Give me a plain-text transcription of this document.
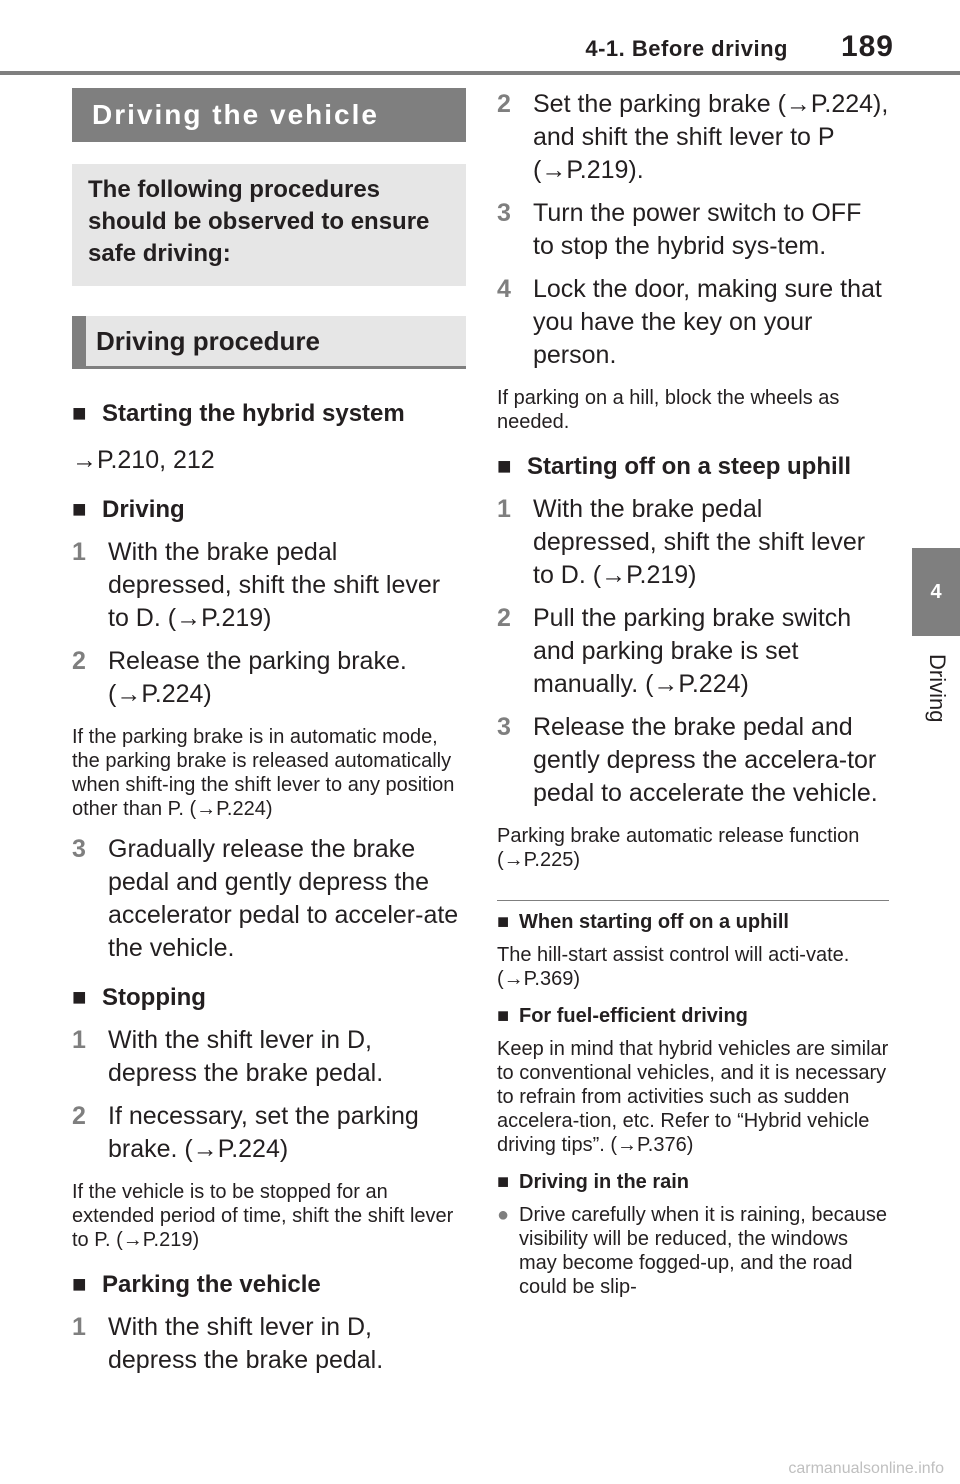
4-1. Before driving 189
4
Driving
Driving the vehicle
The following procedures should be observed to ensure safe driving:
Driving procedure
■ Starting the hybrid system
→P.210, 212
■ Driving
1 With the brake pedal depressed, shift the shift lever to D. (→P.219)
2 Release the parking brake. (→P.224)
If the parking brake is in automatic mode, the parking brake is released automatically when shift-ing the shift lever to any position other than P. (→P.224)
3 Gradually release the brake pedal and gently depress the accelerator pedal to acceler-ate the vehicle.
■ Stopping
1 With the shift lever in D, depress the brake pedal.
2 If necessary, set the parking brake. (→P.224)
If the vehicle is to be stopped for an extended period of time, shift the shift lever to P. (→P.219)
■ Parking the vehicle
1 With the shift lever in D, depress the brake pedal.
2 Set the parking brake (→P.224), and shift the shift lever to P (→P.219).
3 Turn the power switch to OFF to stop the hybrid sys-tem.
4 Lock the door, making sure that you have the key on your person.
If parking on a hill, block the wheels as needed.
■ Starting off on a steep uphill
1 With the brake pedal depressed, shift the shift lever to D. (→P.219)
2 Pull the parking brake switch and parking brake is set manually. (→P.224)
3 Release the brake pedal and gently depress the accelera-tor pedal to accelerate the vehicle.
Parking brake automatic release function (→P.225)
■ When starting off on a uphill
The hill-start assist control will acti-vate. (→P.369)
■ For fuel-efficient driving
Keep in mind that hybrid vehicles are similar to conventional vehicles, and it is necessary to refrain from activities such as sudden accelera-tion, etc. Refer to “Hybrid vehicle driving tips”. (→P.376)
■ Driving in the rain
● Drive carefully when it is raining, because visibility will be reduced, the windows may become fogged-up, and the road could be slip-
carmanualsonline.info
